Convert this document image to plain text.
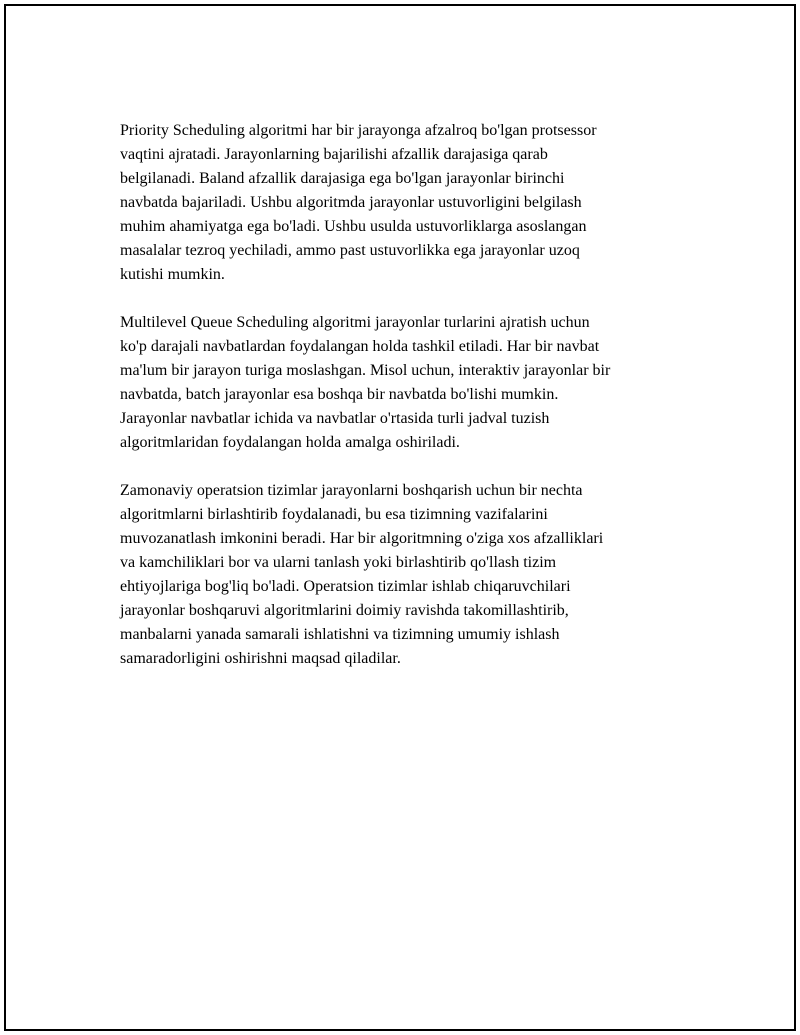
Priority Scheduling algoritmi har bir jarayonga afzalroq bo'lgan protsessor
vaqtini ajratadi. Jarayonlarning bajarilishi afzallik darajasiga qarab
belgilanadi. Baland afzallik darajasiga ega bo'lgan jarayonlar birinchi
navbatda bajariladi. Ushbu algoritmda jarayonlar ustuvorligini belgilash
muhim ahamiyatga ega bo'ladi. Ushbu usulda ustuvorliklarga asoslangan
masalalar tezroq yechiladi, ammo past ustuvorlikka ega jarayonlar uzoq
kutishi mumkin.

Multilevel Queue Scheduling algoritmi jarayonlar turlarini ajratish uchun
ko'p darajali navbatlardan foydalangan holda tashkil etiladi. Har bir navbat
ma'lum bir jarayon turiga moslashgan. Misol uchun, interaktiv jarayonlar bir
navbatda, batch jarayonlar esa boshqa bir navbatda bo'lishi mumkin.
Jarayonlar navbatlar ichida va navbatlar o'rtasida turli jadval tuzish
algoritmlaridan foydalangan holda amalga oshiriladi.

Zamonaviy operatsion tizimlar jarayonlarni boshqarish uchun bir nechta
algoritmlarni birlashtirib foydalanadi, bu esa tizimning vazifalarini
muvozanatlash imkonini beradi. Har bir algoritmning o'ziga xos afzalliklari
va kamchiliklari bor va ularni tanlash yoki birlashtirib qo'llash tizim
ehtiyojlariga bog'liq bo'ladi. Operatsion tizimlar ishlab chiqaruvchilari
jarayonlar boshqaruvi algoritmlarini doimiy ravishda takomillashtirib,
manbalarni yanada samarali ishlatishni va tizimning umumiy ishlash
samaradorligini oshirishni maqsad qiladilar.
